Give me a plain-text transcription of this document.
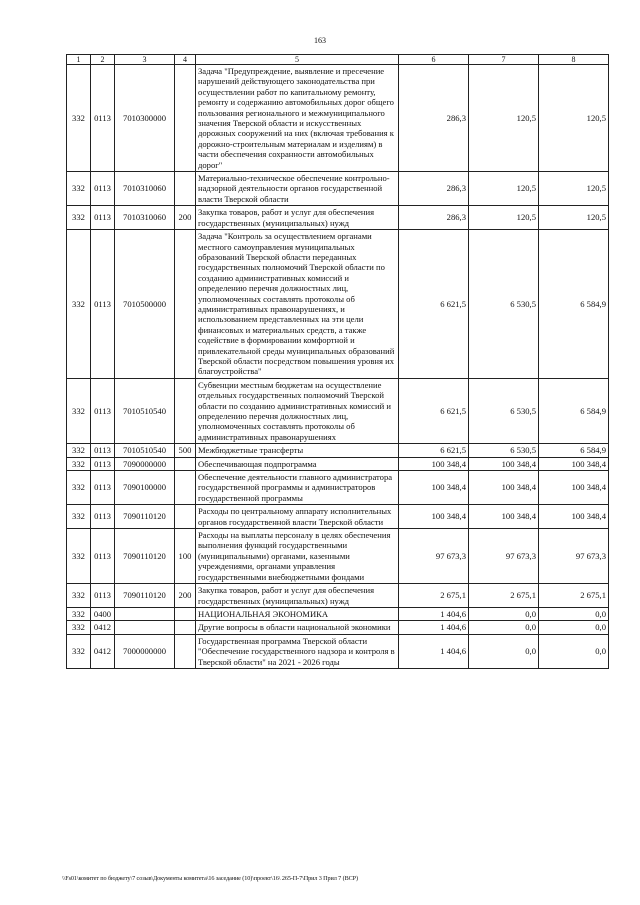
163
1	2	3	4	5	6	7	8
332	0113	7010300000		Задача "Предупреждение, выявление и пресечение нарушений действующего законодательства при осуществлении работ по капитальному ремонту, ремонту и содержанию автомобильных дорог общего пользования регионального и межмуниципального значения Тверской области и искусственных дорожных сооружений на них (включая требования к дорожно-строительным материалам и изделиям) в части обеспечения сохранности автомобильных дорог"	286,3	120,5	120,5
332	0113	7010310060		Материально-техническое обеспечение контрольно-надзорной деятельности органов государственной власти Тверской области	286,3	120,5	120,5
332	0113	7010310060	200	Закупка товаров, работ и услуг для обеспечения государственных (муниципальных) нужд	286,3	120,5	120,5
332	0113	7010500000		Задача "Контроль за осуществлением органами местного самоуправления муниципальных образований Тверской области переданных государственных полномочий Тверской области по созданию административных комиссий и определению перечня должностных лиц, уполномоченных составлять протоколы об административных правонарушениях, и использованием представленных на эти цели финансовых и материальных средств, а также содействие в формировании комфортной и привлекательной среды муниципальных образований Тверской области посредством повышения уровня их благоустройства"	6 621,5	6 530,5	6 584,9
332	0113	7010510540		Субвенции местным бюджетам на осуществление отдельных государственных полномочий Тверской области по созданию административных комиссий и определению перечня должностных лиц, уполномоченных составлять протоколы об административных правонарушениях	6 621,5	6 530,5	6 584,9
332	0113	7010510540	500	Межбюджетные трансферты	6 621,5	6 530,5	6 584,9
332	0113	7090000000		Обеспечивающая подпрограмма	100 348,4	100 348,4	100 348,4
332	0113	7090100000		Обеспечение деятельности главного администратора государственной программы и администраторов государственной программы	100 348,4	100 348,4	100 348,4
332	0113	7090110120		Расходы по центральному аппарату исполнительных органов государственной власти Тверской области	100 348,4	100 348,4	100 348,4
332	0113	7090110120	100	Расходы на выплаты персоналу в целях обеспечения выполнения функций государственными (муниципальными) органами, казенными учреждениями, органами управления государственными внебюджетными фондами	97 673,3	97 673,3	97 673,3
332	0113	7090110120	200	Закупка товаров, работ и услуг для обеспечения государственных (муниципальных) нужд	2 675,1	2 675,1	2 675,1
332	0400			НАЦИОНАЛЬНАЯ ЭКОНОМИКА	1 404,6	0,0	0,0
332	0412			Другие вопросы в области национальной экономики	1 404,6	0,0	0,0
332	0412	7000000000		Государственная программа Тверской области "Обеспечение государственного надзора и контроля в Тверской области" на 2021 - 2026 годы	1 404,6	0,0	0,0
\\Fs01\комитет по бюджету\7 созыв\Документы комитета\16 заседание (10)\проект\16\ 265-П-7\Прил 3 Прил 7 (ВСР)
